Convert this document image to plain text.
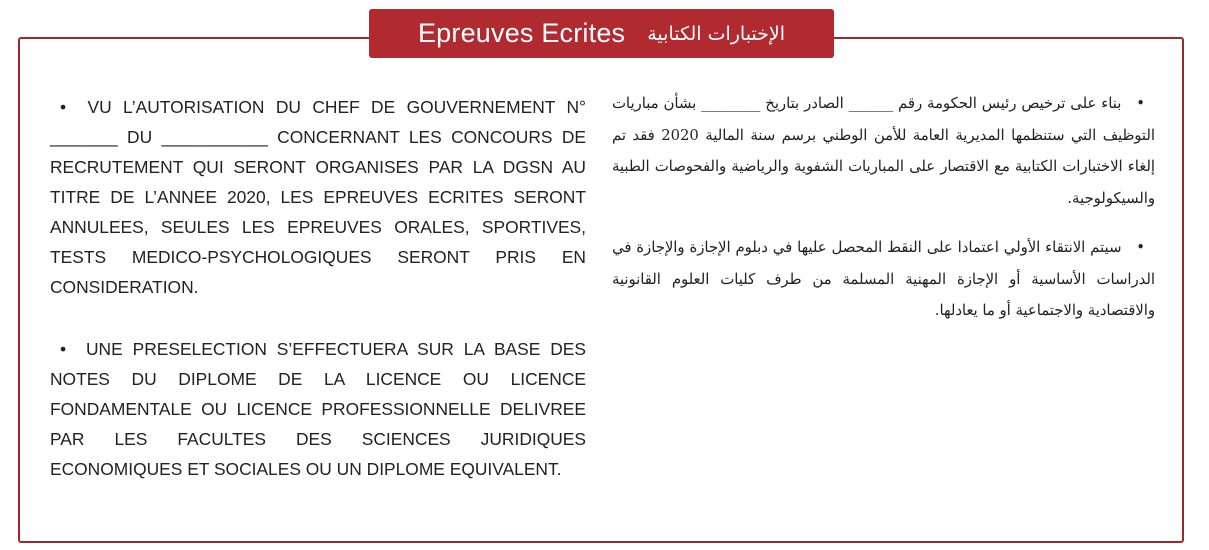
Epreuves Ecrites الإختبارات الكتابية

• VU L’AUTORISATION DU CHEF DE GOUVERNEMENT N° _______ DU ___________ CONCERNANT LES CONCOURS DE RECRUTEMENT QUI SERONT ORGANISES PAR LA DGSN AU TITRE DE L’ANNEE 2020, LES EPREUVES ECRITES SERONT ANNULEES, SEULES LES EPREUVES ORALES, SPORTIVES, TESTS MEDICO-PSYCHOLOGIQUES SERONT PRIS EN CONSIDERATION.

• UNE PRESELECTION S’EFFECTUERA SUR LA BASE DES NOTES DU DIPLOME DE LA LICENCE OU LICENCE FONDAMENTALE OU LICENCE PROFESSIONNELLE DELIVREE PAR LES FACULTES DES SCIENCES JURIDIQUES ECONOMIQUES ET SOCIALES OU UN DIPLOME EQUIVALENT.

• بناء على ترخيص رئيس الحكومة رقم ______ الصادر بتاريخ ________ بشأن مباريات التوظيف التي ستنظمها المديرية العامة للأمن الوطني برسم سنة المالية 2020 فقد تم إلغاء الاختبارات الكتابية مع الاقتصار على المباريات الشفوية والرياضية والفحوصات الطبية والسيكولوجية.

• سيتم الانتقاء الأولي اعتمادا على النقط المحصل عليها في دبلوم الإجازة والإجازة في الدراسات الأساسية أو الإجازة المهنية المسلمة من طرف كليات العلوم القانونية والاقتصادية والاجتماعية أو ما يعادلها.
